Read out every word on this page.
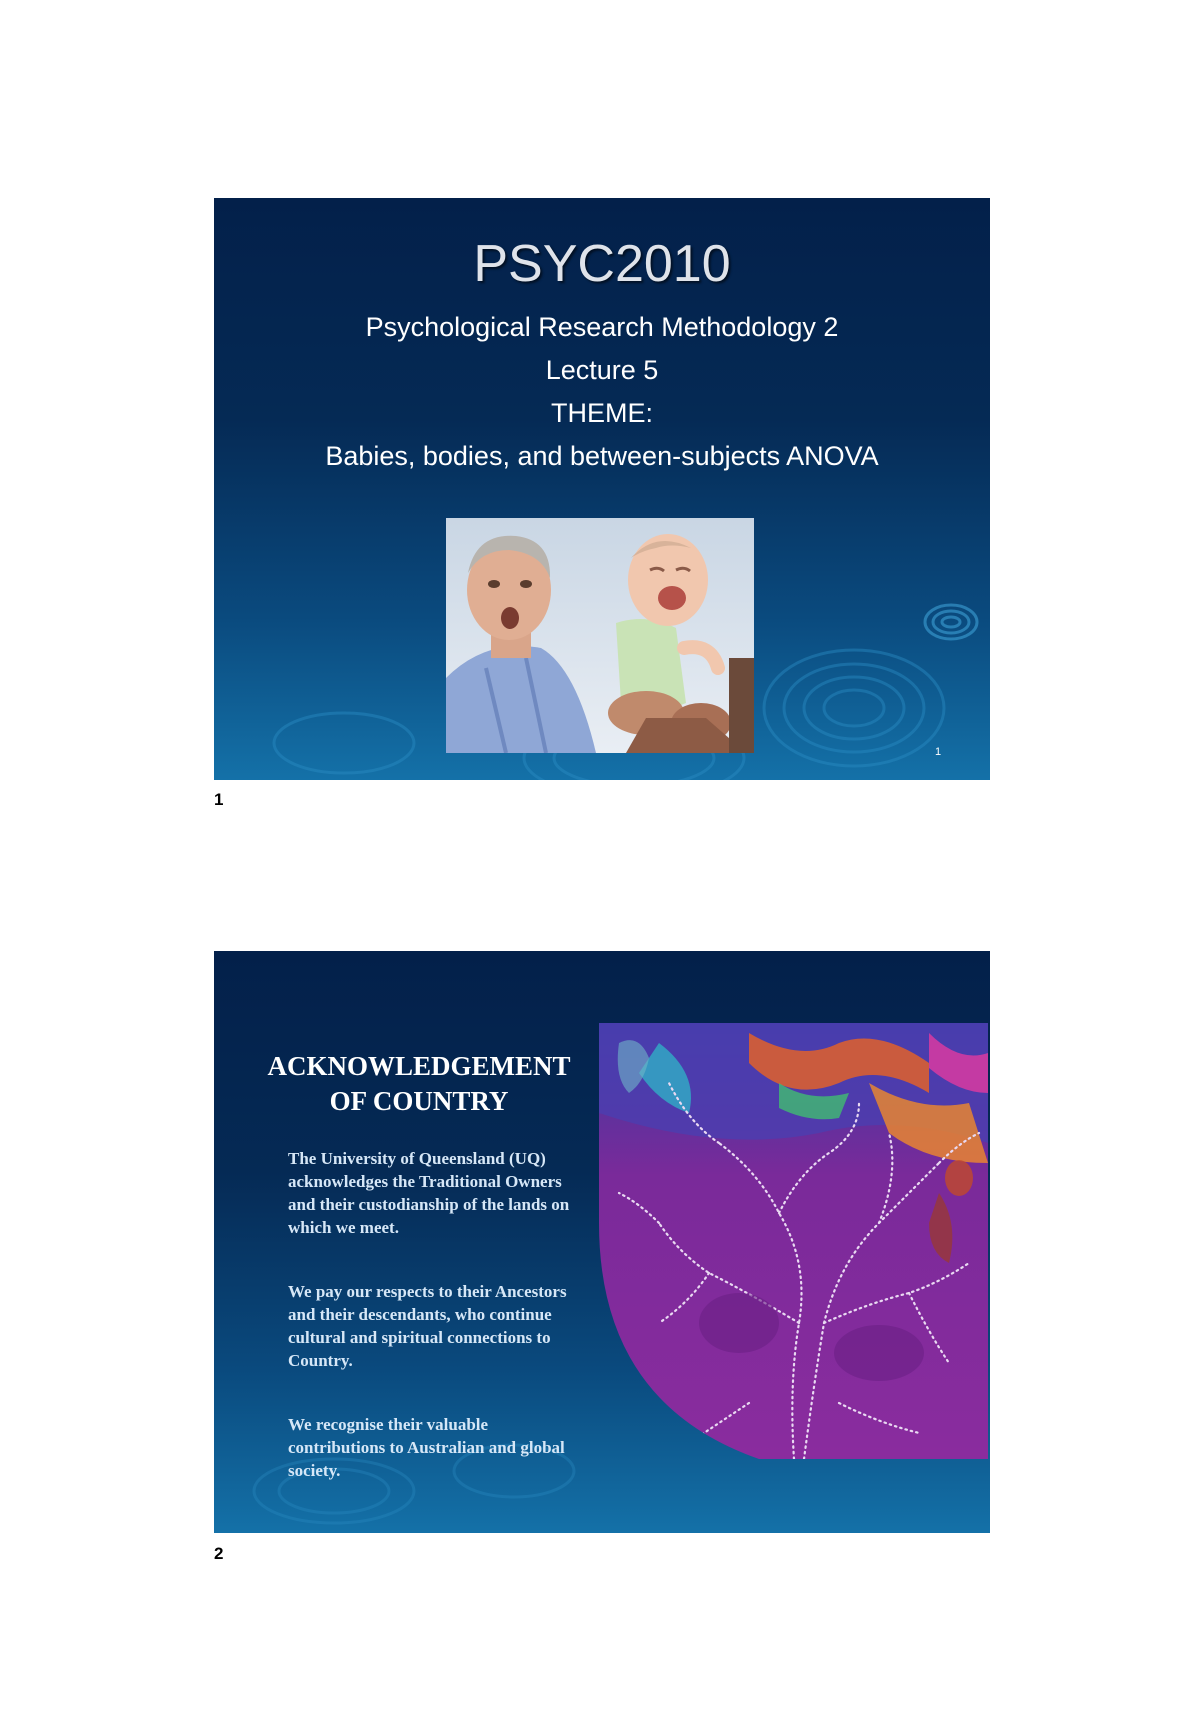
PSYC2010
Psychological Research Methodology 2
Lecture 5
THEME:
Babies, bodies, and between-subjects ANOVA
1
1
ACKNOWLEDGEMENT
OF COUNTRY

The University of Queensland (UQ) acknowledges the Traditional Owners and their custodianship of the lands on which we meet.

We pay our respects to their Ancestors and their descendants, who continue cultural and spiritual connections to Country.

We recognise their valuable contributions to Australian and global society.

2
